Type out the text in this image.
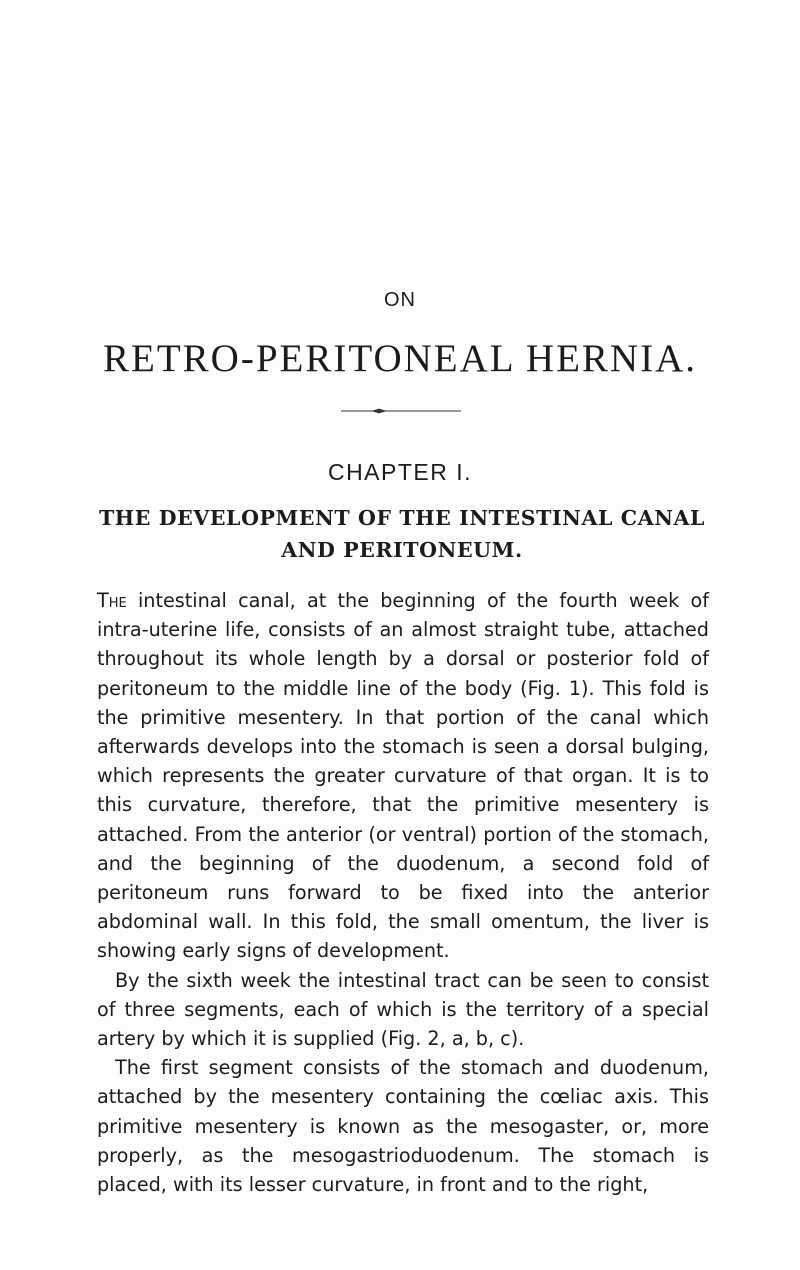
ON
RETRO-PERITONEAL HERNIA.
CHAPTER I.
THE DEVELOPMENT OF THE INTESTINAL CANAL
AND PERITONEUM.

The intestinal canal, at the beginning of the fourth week of intra-uterine life, consists of an almost straight tube, attached throughout its whole length by a dorsal or posterior fold of peritoneum to the middle line of the body (Fig. 1). This fold is the primitive mesentery. In that portion of the canal which afterwards develops into the stomach is seen a dorsal bulging, which represents the greater curvature of that organ. It is to this curvature, therefore, that the primitive mesentery is attached. From the anterior (or ventral) portion of the stomach, and the beginning of the duodenum, a second fold of peritoneum runs forward to be fixed into the anterior abdominal wall. In this fold, the small omentum, the liver is showing early signs of development.

By the sixth week the intestinal tract can be seen to consist of three segments, each of which is the territory of a special artery by which it is supplied (Fig. 2, a, b, c).

The first segment consists of the stomach and duodenum, attached by the mesentery containing the cœliac axis. This primitive mesentery is known as the mesogaster, or, more properly, as the mesogastrioduodenum. The stomach is placed, with its lesser curvature, in front and to the right,
